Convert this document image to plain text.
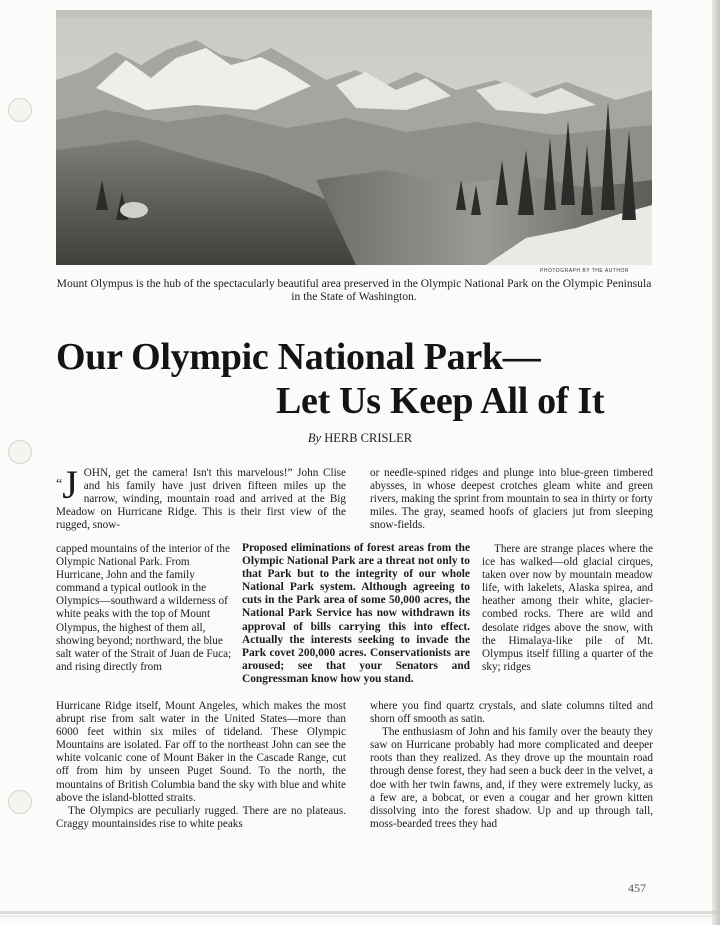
PHOTOGRAPH BY THE AUTHOR
Mount Olympus is the hub of the spectacularly beautiful area preserved in the Olympic National Park on the Olympic Peninsula in the State of Washington.
Our Olympic National Park—
Let Us Keep All of It
By HERB CRISLER

“J OHN, get the camera! Isn't this marvelous!” John Clise and his family have just driven fifteen miles up the narrow, winding, mountain road and arrived at the Big Meadow on Hurricane Ridge. This is their first view of the rugged, snow-

capped mountains of the interior of the Olympic National Park. From Hurricane, John and the family command a typical outlook in the Olympics—southward a wilderness of white peaks with the top of Mount Olympus, the highest of them all, showing beyond; northward, the blue salt water of the Strait of Juan de Fuca; and rising directly from

Hurricane Ridge itself, Mount Angeles, which makes the most abrupt rise from salt water in the United States—more than 6000 feet within six miles of tideland. These Olympic Mountains are isolated. Far off to the northeast John can see the white volcanic cone of Mount Baker in the Cascade Range, cut off from him by unseen Puget Sound. To the north, the mountains of British Columbia band the sky with blue and white above the island-blotted straits.

The Olympics are peculiarly rugged. There are no plateaus. Craggy mountainsides rise to white peaks

Proposed eliminations of forest areas from the Olympic National Park are a threat not only to that Park but to the integrity of our whole National Park system. Although agreeing to cuts in the Park area of some 50,000 acres, the National Park Service has now withdrawn its approval of bills carrying this into effect. Actually the interests seeking to invade the Park covet 200,000 acres. Conservationists are aroused; see that your Senators and Congressman know how you stand.

or needle-spined ridges and plunge into blue-green timbered abysses, in whose deepest crotches gleam white and green rivers, making the sprint from mountain to sea in thirty or forty miles. The gray, seamed hoofs of glaciers jut from sleeping snow-fields.

There are strange places where the ice has walked—old glacial cirques, taken over now by mountain meadow life, with lakelets, Alaska spirea, and heather among their white, glacier-combed rocks. There are wild and desolate ridges above the snow, with the Himalaya-like pile of Mt. Olympus itself filling a quarter of the sky; ridges

where you find quartz crystals, and slate columns tilted and shorn off smooth as satin.

The enthusiasm of John and his family over the beauty they saw on Hurricane probably had more complicated and deeper roots than they realized. As they drove up the mountain road through dense forest, they had seen a buck deer in the velvet, a doe with her twin fawns, and, if they were extremely lucky, as a few are, a bobcat, or even a cougar and her grown kitten dissolving into the forest shadow. Up and up through tall, moss-bearded trees they had

457
